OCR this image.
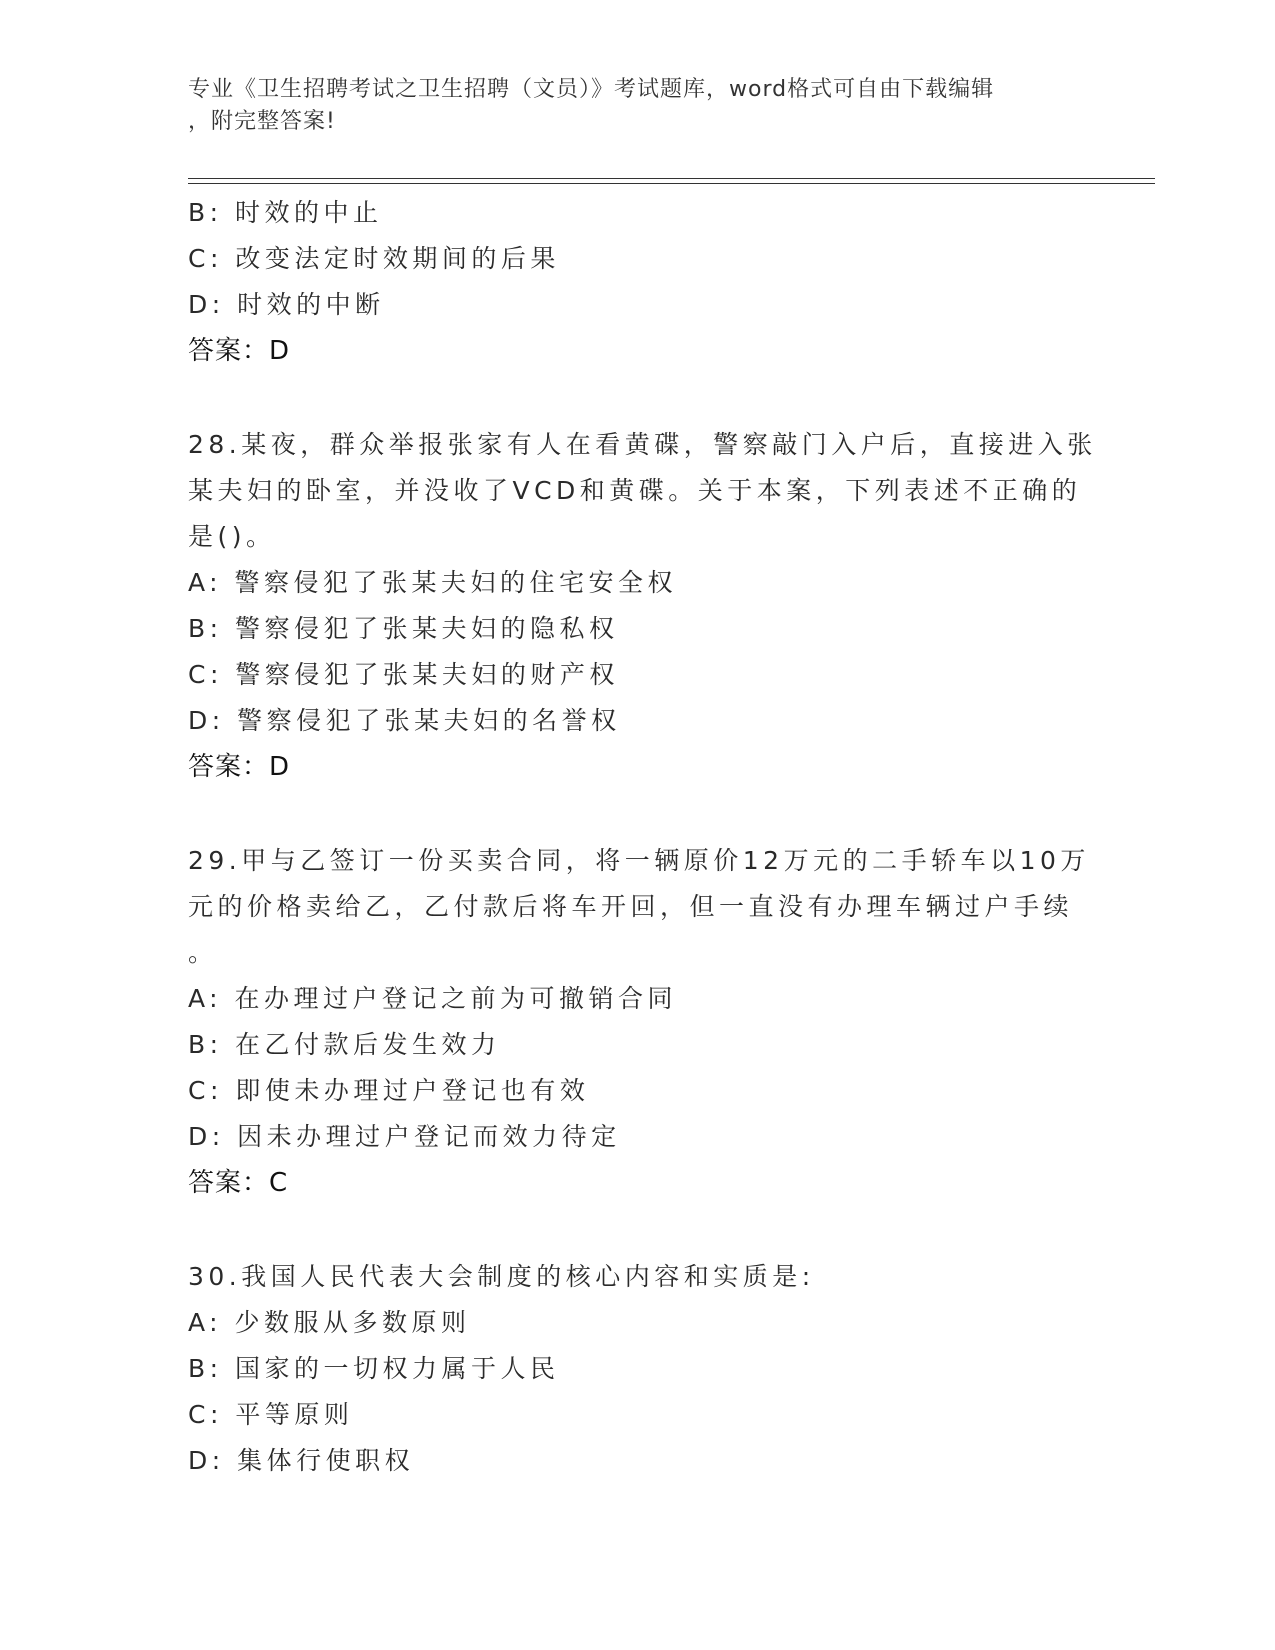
专业《卫生招聘考试之卫生招聘（文员）》考试题库，word格式可自由下载编辑
，附完整答案!
B: 时效的中止
C: 改变法定时效期间的后果
D: 时效的中断
答案：D
28.某夜，群众举报张家有人在看黄碟，警察敲门入户后，直接进入张
某夫妇的卧室，并没收了VCD和黄碟。关于本案，下列表述不正确的
是()。
A: 警察侵犯了张某夫妇的住宅安全权
B: 警察侵犯了张某夫妇的隐私权
C: 警察侵犯了张某夫妇的财产权
D: 警察侵犯了张某夫妇的名誉权
答案：D
29.甲与乙签订一份买卖合同，将一辆原价12万元的二手轿车以10万
元的价格卖给乙，乙付款后将车开回，但一直没有办理车辆过户手续
。
A: 在办理过户登记之前为可撤销合同
B: 在乙付款后发生效力
C: 即使未办理过户登记也有效
D: 因未办理过户登记而效力待定
答案：C
30.我国人民代表大会制度的核心内容和实质是:
A: 少数服从多数原则
B: 国家的一切权力属于人民
C: 平等原则
D: 集体行使职权
